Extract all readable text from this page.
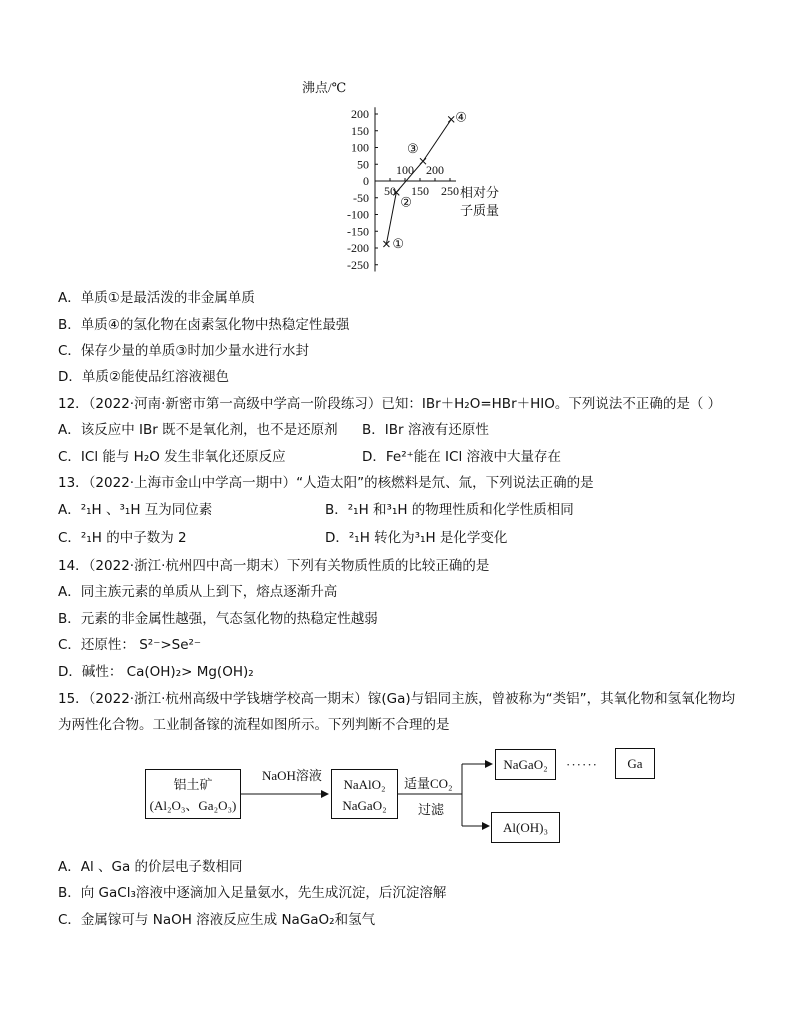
200
150
100
50
0
-50
-100
-150
-200
-250
100 200
50 150 250
①
②
③
④
沸点/℃
相对分
子质量
A．单质①是最活泼的非金属单质
B．单质④的氢化物在卤素氢化物中热稳定性最强
C．保存少量的单质③时加少量水进行水封
D．单质②能使品红溶液褪色
12．（2022·河南·新密市第一高级中学高一阶段练习）已知：IBr＋H₂O=HBr＋HIO。下列说法不正确的是（ ）
A．该反应中 IBr 既不是氧化剂，也不是还原剂 B．IBr 溶液有还原性
C．ICl 能与 H₂O 发生非氧化还原反应	D．Fe²⁺能在 ICl 溶液中大量存在
13．（2022·上海市金山中学高一期中）“人造太阳”的核燃料是氘、氚，下列说法正确的是
A．²₁H 、³₁H 互为同位素	B．²₁H 和³₁H 的物理性质和化学性质相同
C．²₁H 的中子数为 2	D．²₁H 转化为³₁H 是化学变化
14．（2022·浙江·杭州四中高一期末）下列有关物质性质的比较正确的是
A．同主族元素的单质从上到下，熔点逐渐升高
B．元素的非金属性越强，气态氢化物的热稳定性越弱
C．还原性： S²⁻>Se²⁻
D．碱性： Ca(OH)₂> Mg(OH)₂
15．（2022·浙江·杭州高级中学钱塘学校高一期末）镓(Ga)与铝同主族，曾被称为“类铝”，其氧化物和氢氧化物均
为两性化合物。工业制备镓的流程如图所示。下列判断不合理的是
铝土矿
(Al₂O₃、Ga₂O₃)
NaOH溶液
NaAlO₂
NaGaO₂
适量CO₂
过滤
NaGaO₂	······	Ga
Al(OH)₃
A．Al 、Ga 的价层电子数相同
B．向 GaCl₃溶液中逐滴加入足量氨水，先生成沉淀，后沉淀溶解
C．金属镓可与 NaOH 溶液反应生成 NaGaO₂和氢气
